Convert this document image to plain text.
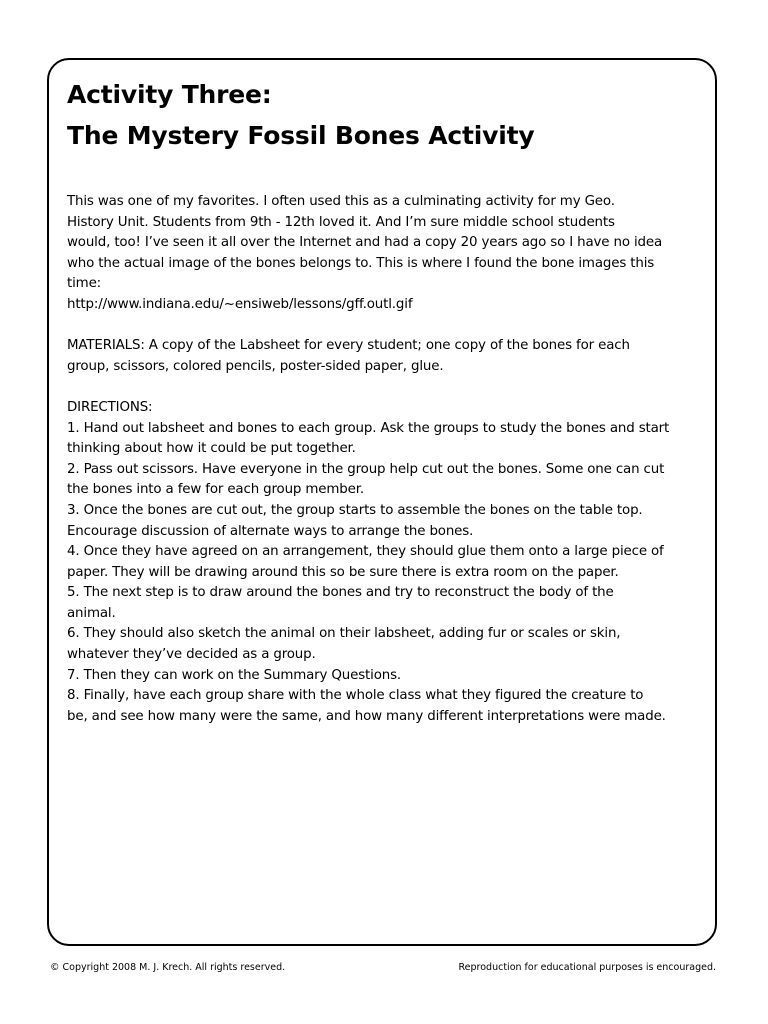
Activity Three:
The Mystery Fossil Bones Activity

This was one of my favorites. I often used this as a culminating activity for my Geo.
History Unit. Students from 9th - 12th loved it. And I’m sure middle school students
would, too! I’ve seen it all over the Internet and had a copy 20 years ago so I have no idea
who the actual image of the bones belongs to. This is where I found the bone images this
time:
http://www.indiana.edu/~ensiweb/lessons/gff.outl.gif

MATERIALS: A copy of the Labsheet for every student; one copy of the bones for each
group, scissors, colored pencils, poster-sided paper, glue.

DIRECTIONS:
1. Hand out labsheet and bones to each group. Ask the groups to study the bones and start
thinking about how it could be put together.
2. Pass out scissors. Have everyone in the group help cut out the bones. Some one can cut
the bones into a few for each group member.
3. Once the bones are cut out, the group starts to assemble the bones on the table top.
Encourage discussion of alternate ways to arrange the bones.
4. Once they have agreed on an arrangement, they should glue them onto a large piece of
paper. They will be drawing around this so be sure there is extra room on the paper.
5. The next step is to draw around the bones and try to reconstruct the body of the
animal.
6. They should also sketch the animal on their labsheet, adding fur or scales or skin,
whatever they’ve decided as a group.
7. Then they can work on the Summary Questions.
8. Finally, have each group share with the whole class what they figured the creature to
be, and see how many were the same, and how many different interpretations were made.

© Copyright 2008 M. J. Krech. All rights reserved.	Reproduction for educational purposes is encouraged.
